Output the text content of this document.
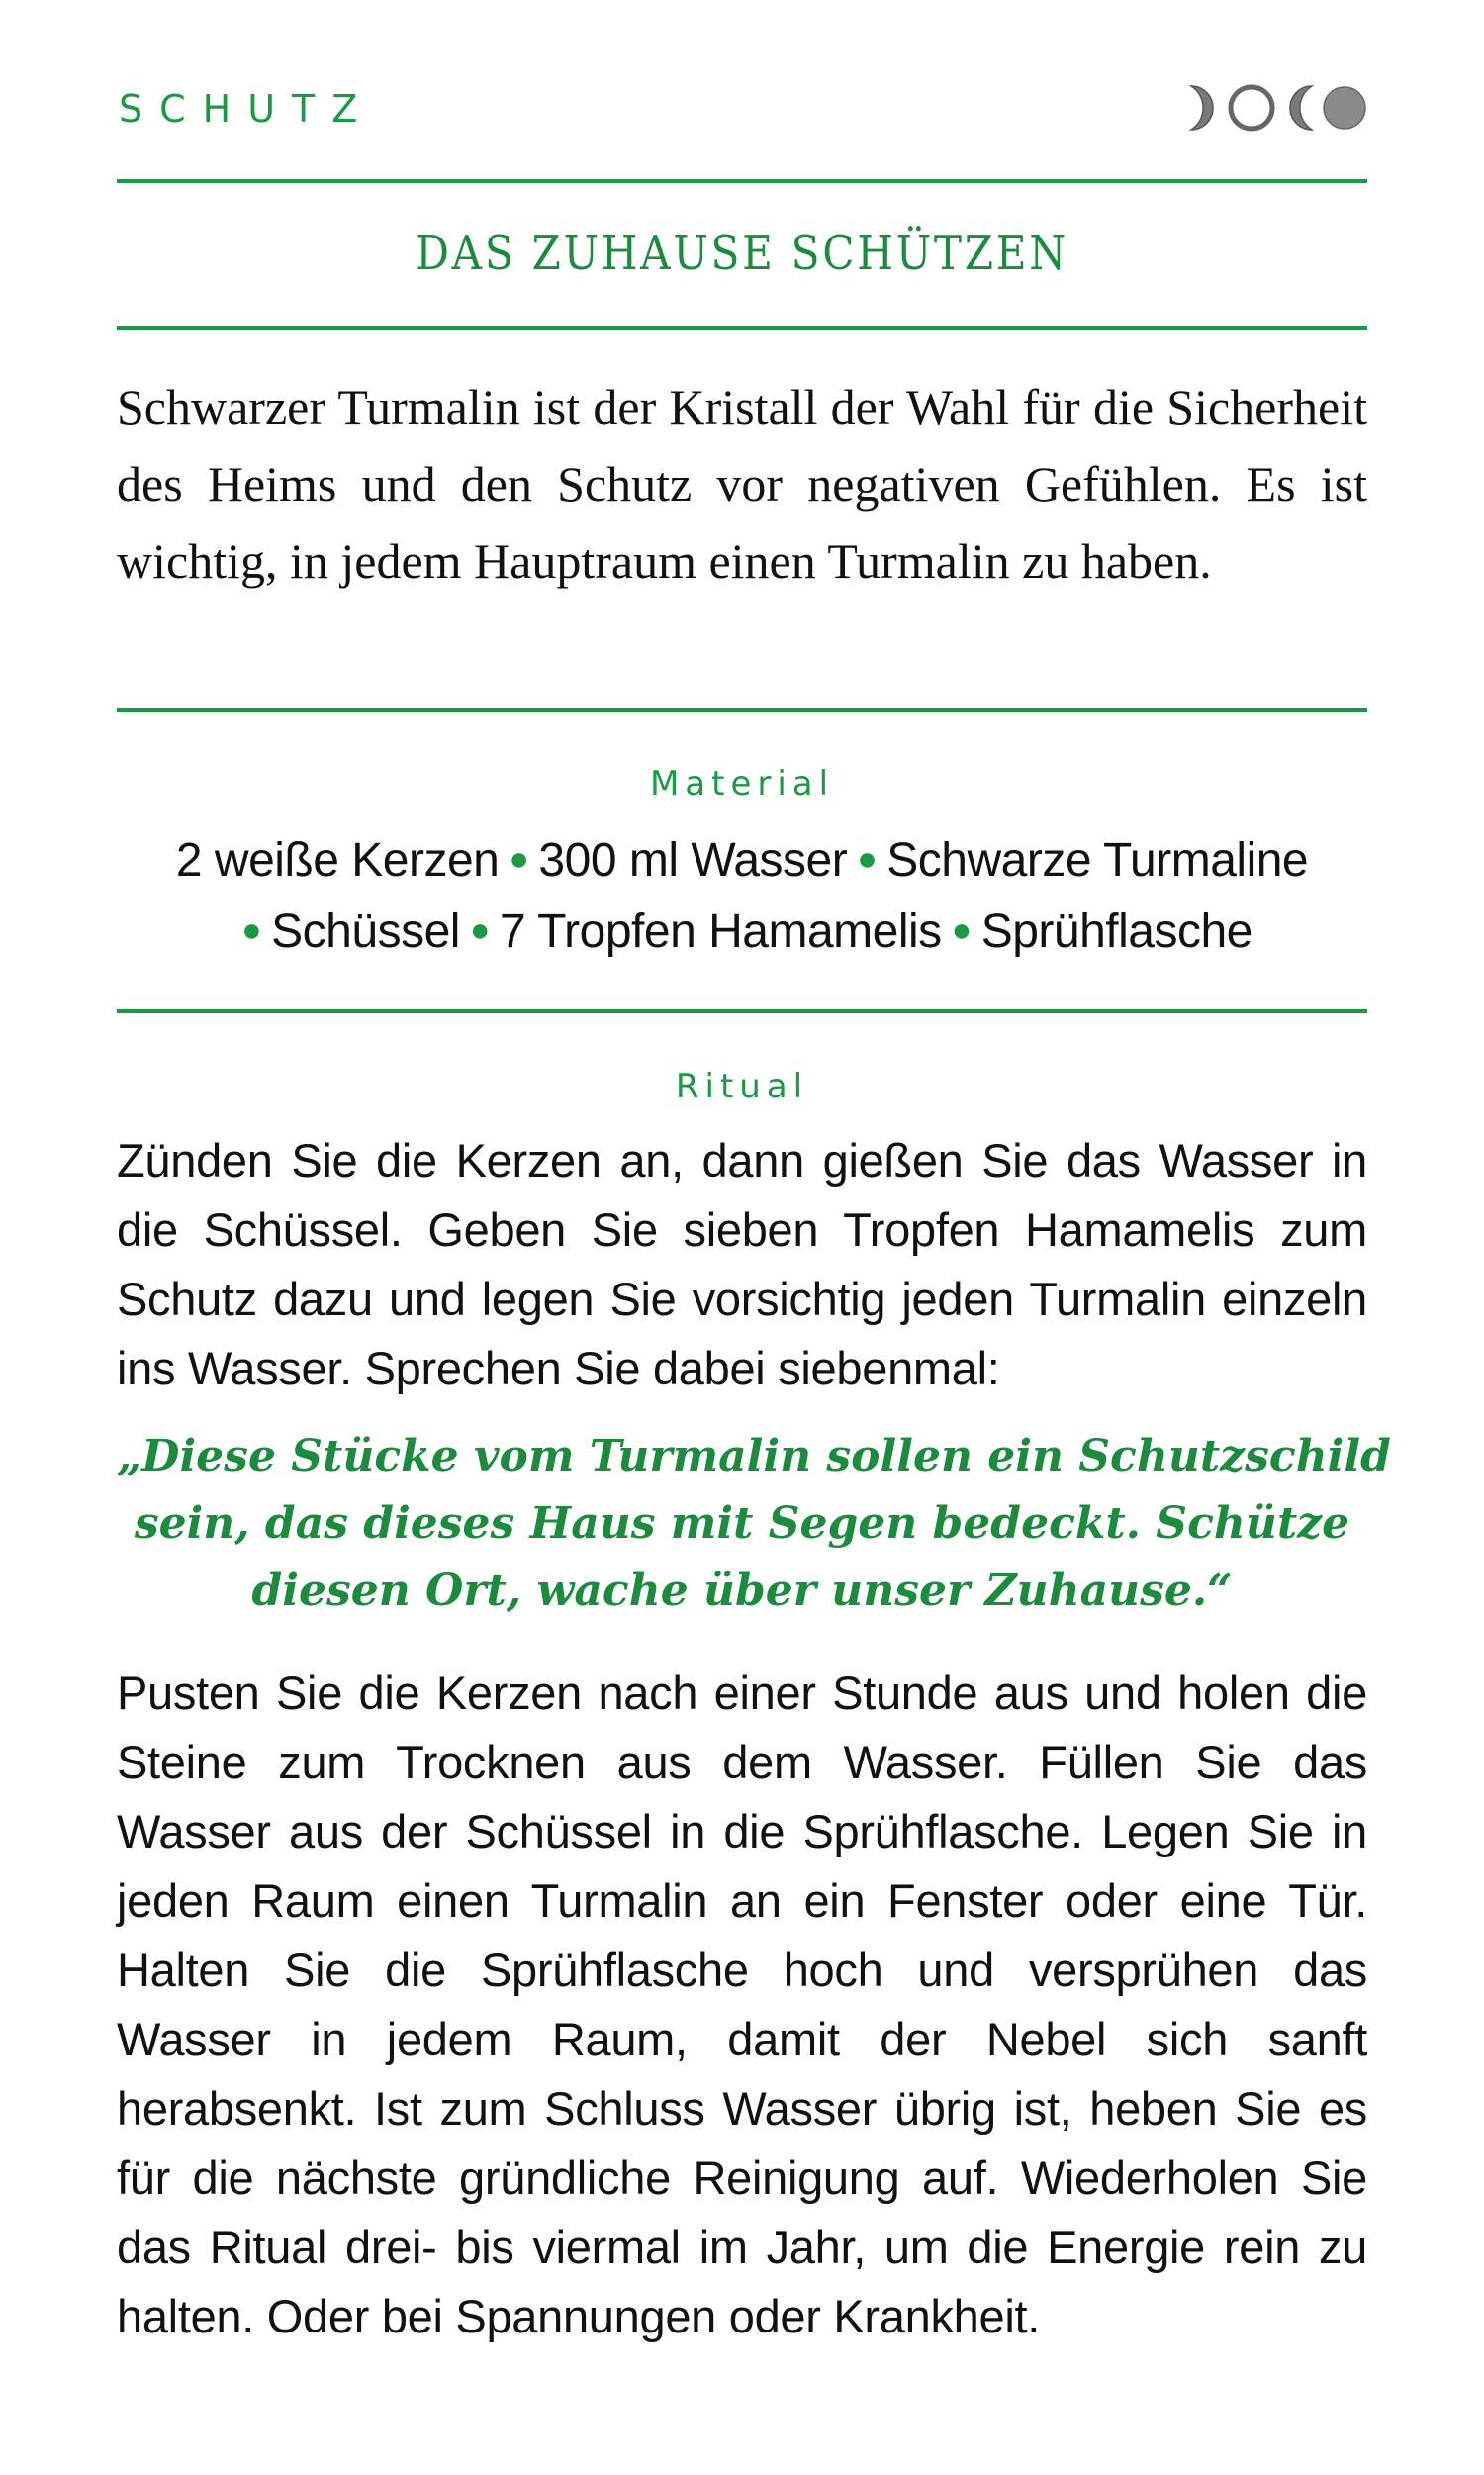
SCHUTZ
DAS ZUHAUSE SCHÜTZEN
Schwarzer Turmalin ist der Kristall der Wahl für die Sicherheit des Heims und den Schutz vor negativen Gefühlen. Es ist wichtig, in jedem Hauptraum einen Turmalin zu haben.
Material
2 weiße Kerzen ● 300 ml Wasser ● Schwarze Turmaline
● Schüssel ● 7 Tropfen Hamamelis ● Sprühflasche
Ritual
Zünden Sie die Kerzen an, dann gießen Sie das Wasser in die Schüssel. Geben Sie sieben Tropfen Hamamelis zum Schutz dazu und legen Sie vorsichtig jeden Turmalin einzeln ins Wasser. Sprechen Sie dabei siebenmal:
„Diese Stücke vom Turmalin sollen ein Schutzschild
sein, das dieses Haus mit Segen bedeckt. Schütze
diesen Ort, wache über unser Zuhause.“
Pusten Sie die Kerzen nach einer Stunde aus und holen die Steine zum Trocknen aus dem Wasser. Füllen Sie das Wasser aus der Schüssel in die Sprühflasche. Legen Sie in jeden Raum einen Turmalin an ein Fenster oder eine Tür. Halten Sie die Sprühflasche hoch und versprühen das Wasser in jedem Raum, damit der Nebel sich sanft herabsenkt. Ist zum Schluss Wasser übrig ist, heben Sie es für die nächste gründliche Reinigung auf. Wiederholen Sie das Ritual drei- bis viermal im Jahr, um die Energie rein zu halten. Oder bei Spannungen oder Krankheit.
